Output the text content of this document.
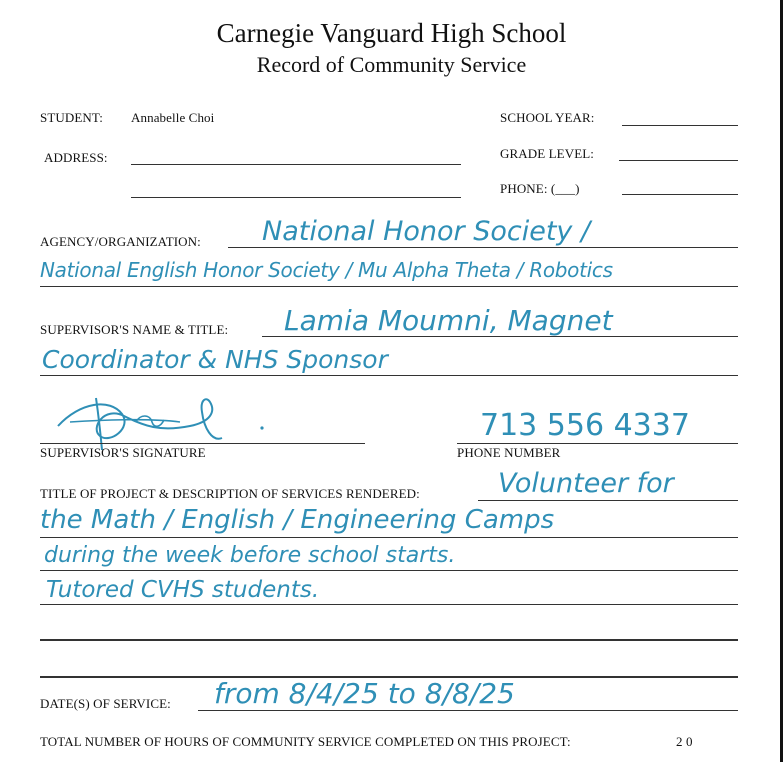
Carnegie Vanguard High School
Record of Community Service
STUDENT: Annabelle Choi	SCHOOL YEAR:
ADDRESS:	GRADE LEVEL:
PHONE: (___)
AGENCY/ORGANIZATION: National Honor Society /
National English Honor Society / Mu Alpha Theta / Robotics
SUPERVISOR'S NAME & TITLE: Lamia Moumni, Magnet
Coordinator & NHS Sponsor
SUPERVISOR'S SIGNATURE
713 556 4337
PHONE NUMBER
TITLE OF PROJECT & DESCRIPTION OF SERVICES RENDERED:	Volunteer for
the Math / English / Engineering Camps
during the week before school starts.
Tutored CVHS students.
DATE(S) OF SERVICE: from 8/4/25 to 8/8/25
TOTAL NUMBER OF HOURS OF COMMUNITY SERVICE COMPLETED ON THIS PROJECT:	2 0
